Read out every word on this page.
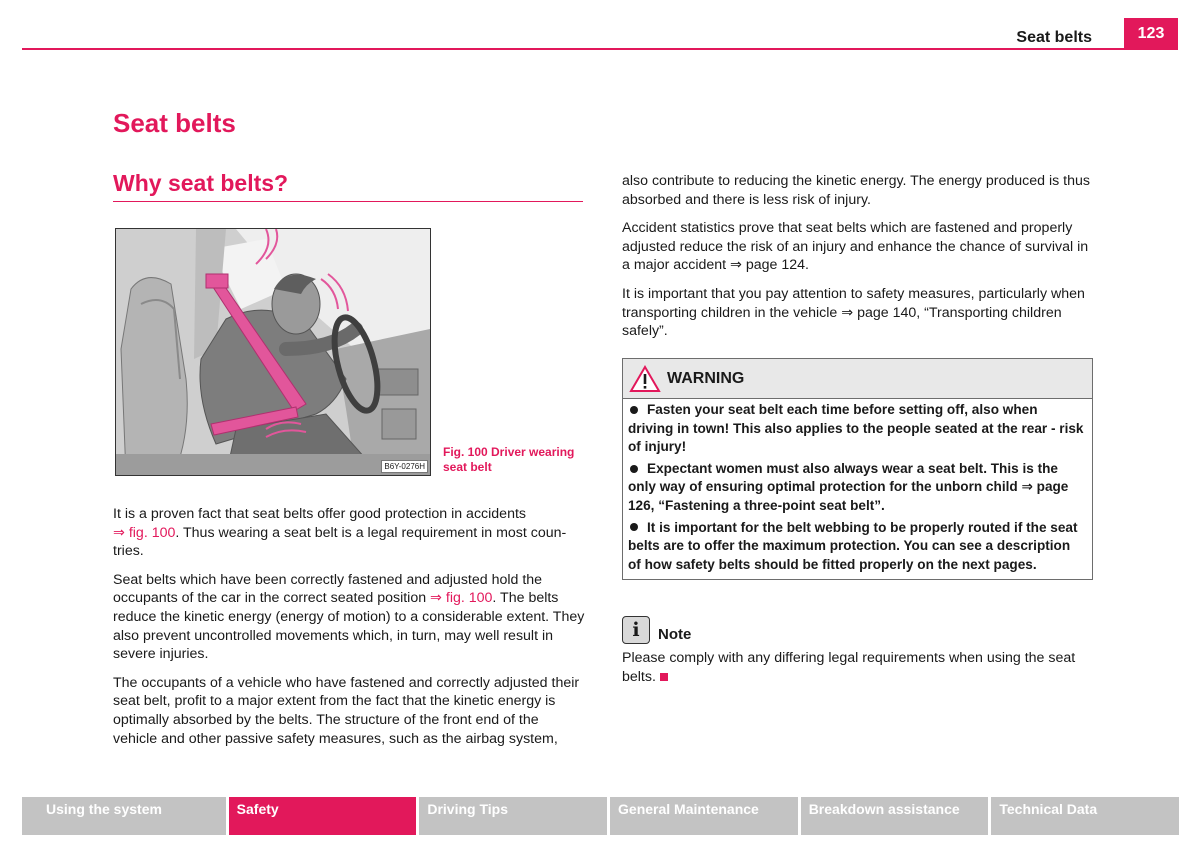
Seat belts	123
Seat belts
Why seat belts?
B6Y-0276H
Fig. 100 Driver wearing seat belt

It is a proven fact that seat belts offer good protection in accidents
⇒ fig. 100. Thus wearing a seat belt is a legal requirement in most coun-tries.

Seat belts which have been correctly fastened and adjusted hold the occupants of the car in the correct seated position ⇒ fig. 100. The belts reduce the kinetic energy (energy of motion) to a considerable extent. They also prevent uncontrolled movements which, in turn, may well result in severe injuries.

The occupants of a vehicle who have fastened and correctly adjusted their seat belt, profit to a major extent from the fact that the kinetic energy is optimally absorbed by the belts. The structure of the front end of the vehicle and other passive safety measures, such as the airbag system,

also contribute to reducing the kinetic energy. The energy produced is thus absorbed and there is less risk of injury.

Accident statistics prove that seat belts which are fastened and properly adjusted reduce the risk of an injury and enhance the chance of survival in a major accident ⇒ page 124.

It is important that you pay attention to safety measures, particularly when transporting children in the vehicle ⇒ page 140, “Transporting children safely”.

WARNING

Fasten your seat belt each time before setting off, also when driving in town! This also applies to the people seated at the rear - risk of injury!

Expectant women must also always wear a seat belt. This is the only way of ensuring optimal protection for the unborn child ⇒ page 126, “Fastening a three-point seat belt”.

It is important for the belt webbing to be properly routed if the seat belts are to offer the maximum protection. You can see a description of how safety belts should be fitted properly on the next pages.

i	Note
Please comply with any differing legal requirements when using the seat belts.
Using the system	Safety	Driving Tips	General Maintenance	Breakdown assistance	Technical Data
